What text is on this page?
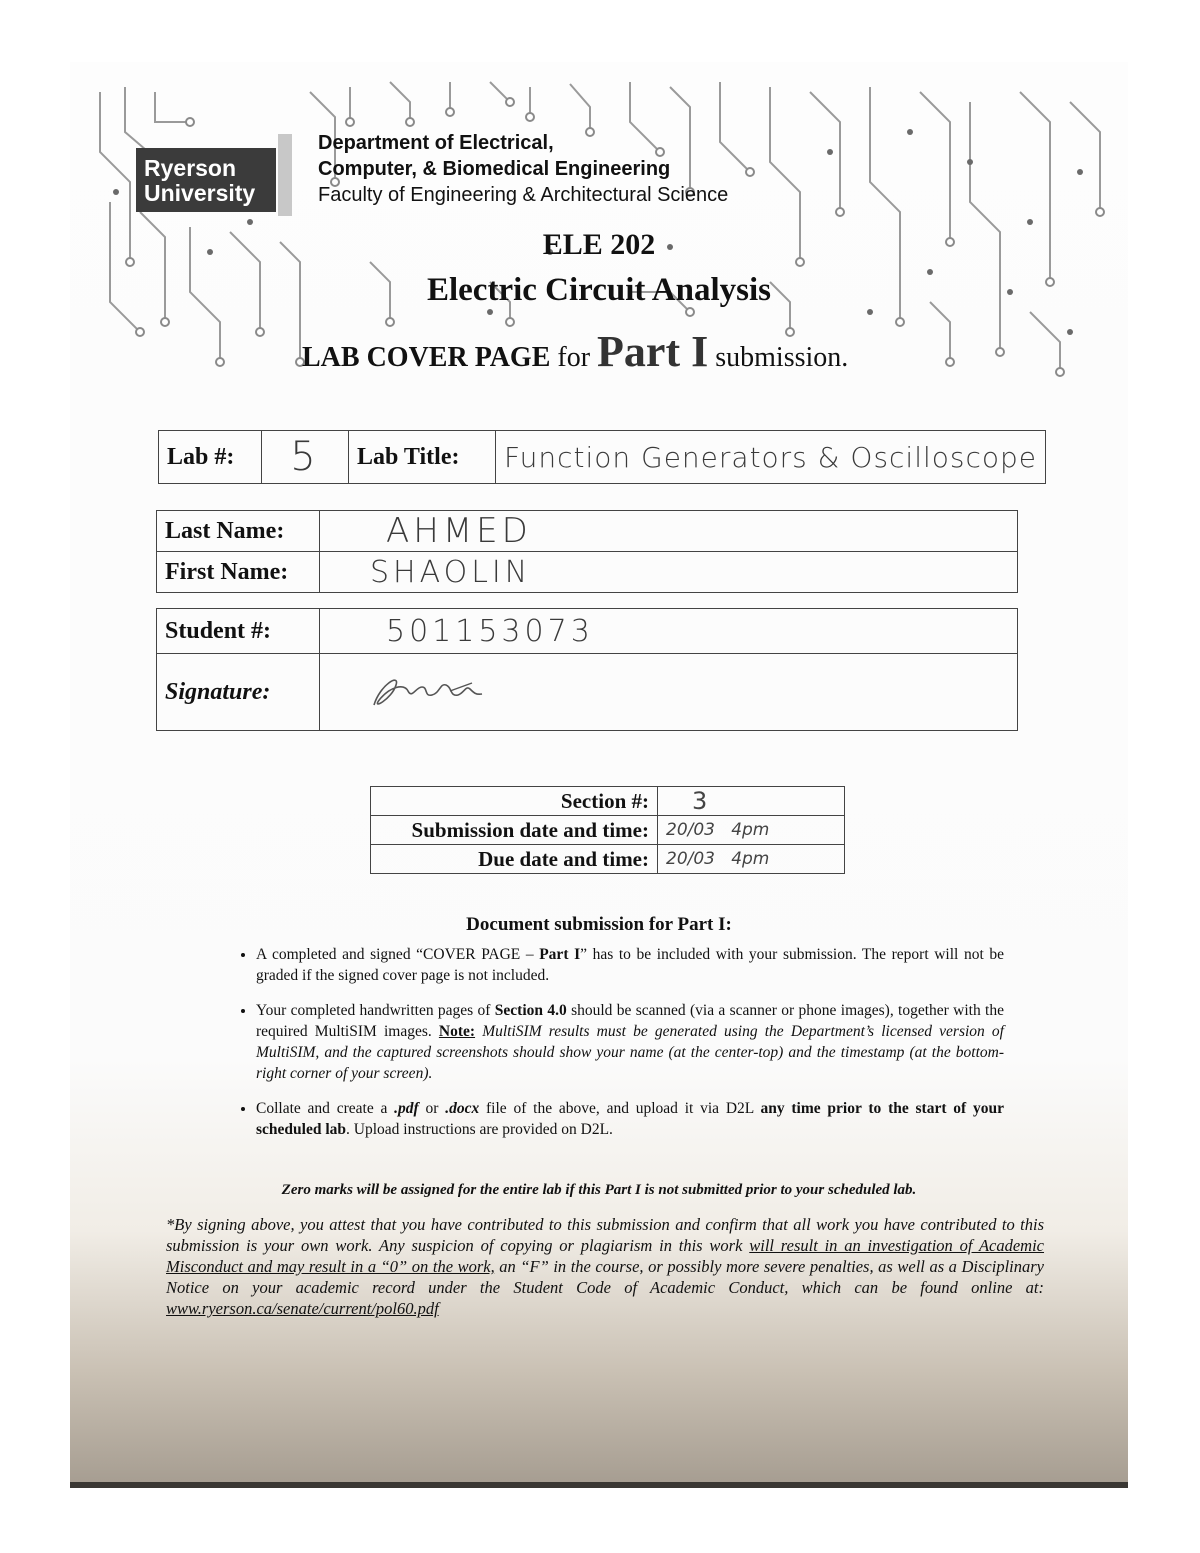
Ryerson
University
Department of Electrical,
Computer, & Biomedical Engineering
Faculty of Engineering & Architectural Science
ELE 202
Electric Circuit Analysis
LAB COVER PAGE for Part I submission.
Lab #:	5	Lab Title:	Function Generators & Oscilloscope
Last Name:	AHMED
First Name:	SHAOLIN
Student #:	501153073
Signature:	
Section #:	3
Submission date and time:	20/03   4pm
Due date and time:	20/03   4pm
Document submission for Part I:
• A completed and signed “COVER PAGE – Part I” has to be included with your submission. The report will not be graded if the signed cover page is not included.
• Your completed handwritten pages of Section 4.0 should be scanned (via a scanner or phone images), together with the required MultiSIM images. Note: MultiSIM results must be generated using the Department’s licensed version of MultiSIM, and the captured screenshots should show your name (at the center-top) and the timestamp (at the bottom-right corner of your screen).
• Collate and create a .pdf or .docx file of the above, and upload it via D2L any time prior to the start of your scheduled lab. Upload instructions are provided on D2L.
Zero marks will be assigned for the entire lab if this Part I is not submitted prior to your scheduled lab.
*By signing above, you attest that you have contributed to this submission and confirm that all work you have contributed to this submission is your own work. Any suspicion of copying or plagiarism in this work will result in an investigation of Academic Misconduct and may result in a “0” on the work, an “F” in the course, or possibly more severe penalties, as well as a Disciplinary Notice on your academic record under the Student Code of Academic Conduct, which can be found online at: www.ryerson.ca/senate/current/pol60.pdf
